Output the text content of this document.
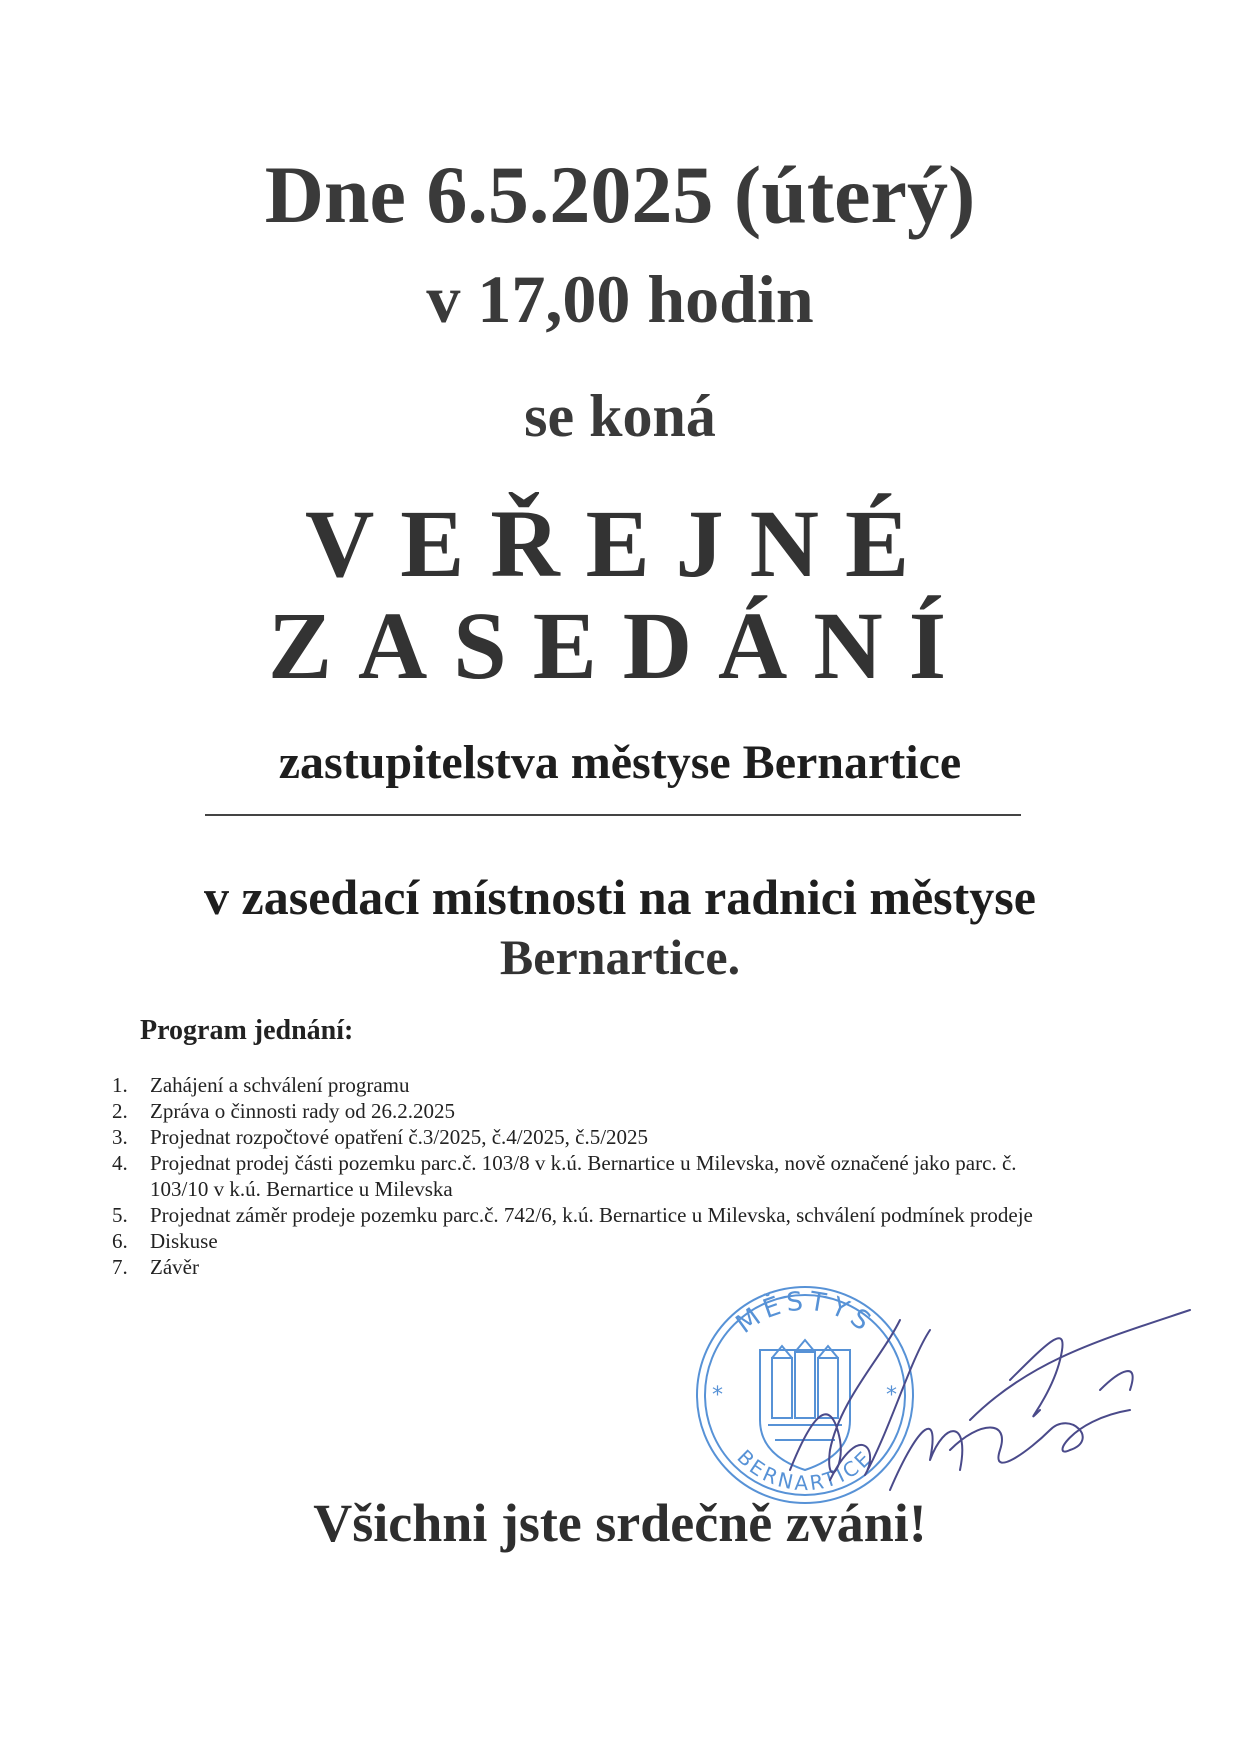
Dne 6.5.2025 (úterý)
v 17,00 hodin
se koná
VEŘEJNÉ
ZASEDÁNÍ
zastupitelstva městyse Bernartice
v zasedací místnosti na radnici městyse
Bernartice.
Program jednání:
1. Zahájení a schválení programu
2. Zpráva o činnosti rady od 26.2.2025
3. Projednat rozpočtové opatření č.3/2025, č.4/2025, č.5/2025
4. Projednat prodej části pozemku parc.č. 103/8 v k.ú. Bernartice u Milevska, nově označené jako parc. č. 103/10 v k.ú. Bernartice u Milevska
5. Projednat záměr prodeje pozemku parc.č. 742/6, k.ú. Bernartice u Milevska, schválení podmínek prodeje
6. Diskuse
7. Závěr
MĚSTYS
BERNARTICE
*	*
Všichni jste srdečně zváni!
